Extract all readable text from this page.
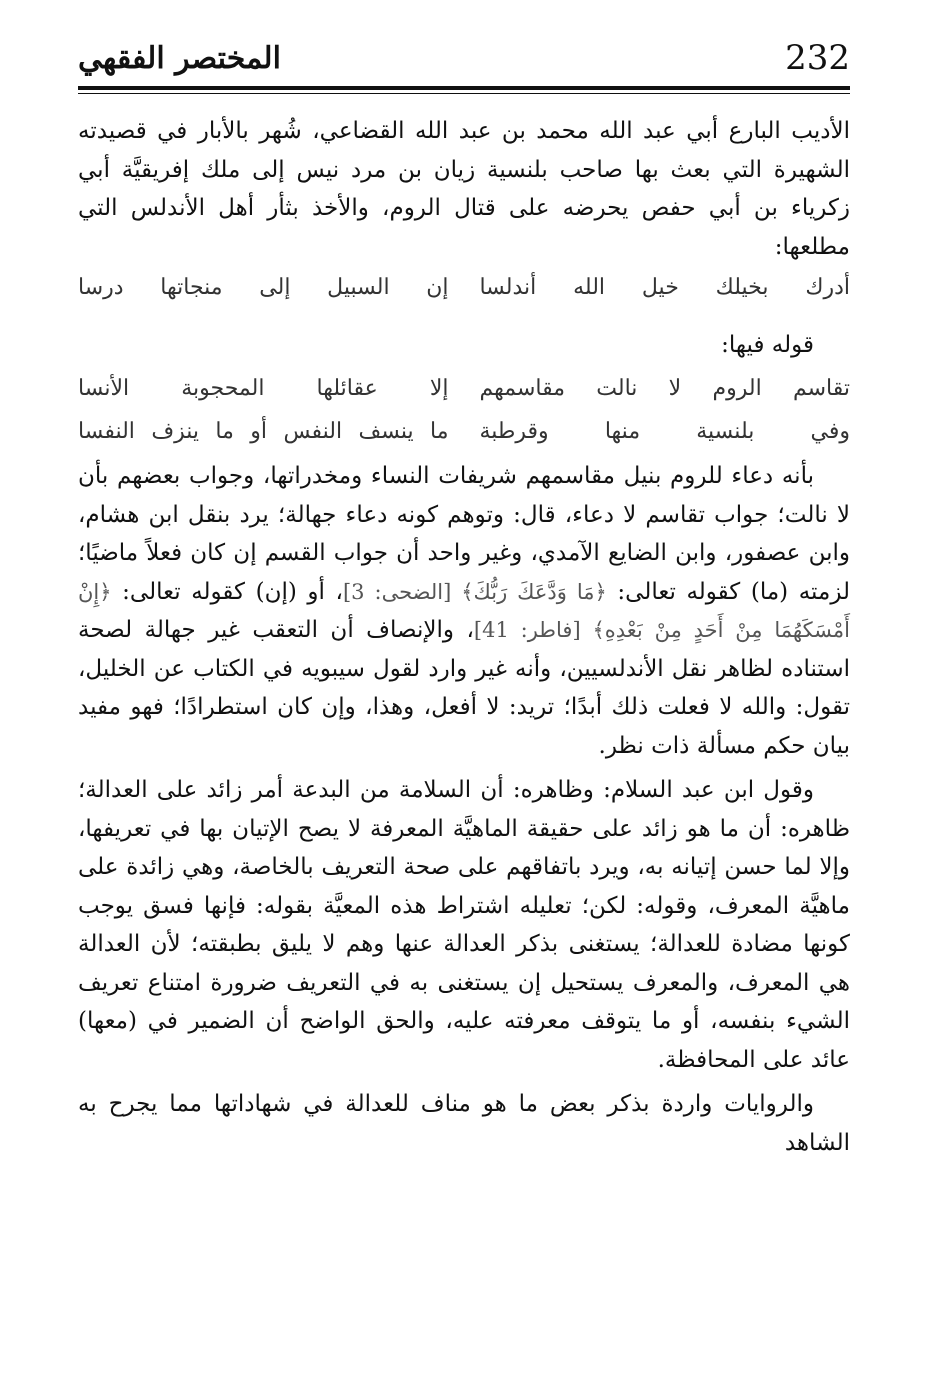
232
المختصر الفقهي

الأديب البارع أبي عبد الله محمد بن عبد الله القضاعي، شُهر بالأبار في قصيدته الشهيرة التي بعث بها صاحب بلنسية زيان بن مرد نيس إلى ملك إفريقيَّة أبي زكرياء بن أبي حفص يحرضه على قتال الروم، والأخذ بثأر أهل الأندلس التي مطلعها:

أدرك بخيلك خيل الله أندلسا
إن السبيل إلى منجاتها درسا

قوله فيها:

تقاسم الروم لا نالت مقاسمهم
إلا عقائلها المحجوبة الأنسا
وفي بلنسية منها وقرطبة
ما ينسف النفس أو ما ينزف النفسا

بأنه دعاء للروم بنيل مقاسمهم شريفات النساء ومخدراتها، وجواب بعضهم بأن لا نالت؛ جواب تقاسم لا دعاء، قال: وتوهم كونه دعاء جهالة؛ يرد بنقل ابن هشام، وابن عصفور، وابن الضايع الآمدي، وغير واحد أن جواب القسم إن كان فعلاً ماضيًا؛ لزمته (ما) كقوله تعالى: ﴿مَا وَدَّعَكَ رَبُّكَ﴾ [الضحى: 3]، أو (إن) كقوله تعالى: ﴿إِنْ أَمْسَكَهُمَا مِنْ أَحَدٍ مِنْ بَعْدِهِ﴾ [فاطر: 41]، والإنصاف أن التعقب غير جهالة لصحة استناده لظاهر نقل الأندلسيين، وأنه غير وارد لقول سيبويه في الكتاب عن الخليل، تقول: والله لا فعلت ذلك أبدًا؛ تريد: لا أفعل، وهذا، وإن كان استطرادًا؛ فهو مفيد بيان حكم مسألة ذات نظر.

وقول ابن عبد السلام: وظاهره: أن السلامة من البدعة أمر زائد على العدالة؛ ظاهره: أن ما هو زائد على حقيقة الماهيَّة المعرفة لا يصح الإتيان بها في تعريفها، وإلا لما حسن إتيانه به، ويرد باتفاقهم على صحة التعريف بالخاصة، وهي زائدة على ماهيَّة المعرف، وقوله: لكن؛ تعليله اشتراط هذه المعيَّة بقوله: فإنها فسق يوجب كونها مضادة للعدالة؛ يستغنى بذكر العدالة عنها وهم لا يليق بطبقته؛ لأن العدالة هي المعرف، والمعرف يستحيل إن يستغنى به في التعريف ضرورة امتناع تعريف الشيء بنفسه، أو ما يتوقف معرفته عليه، والحق الواضح أن الضمير في (معها) عائد على المحافظة.

والروايات واردة بذكر بعض ما هو مناف للعدالة في شهاداتها مما يجرح به الشاهد
